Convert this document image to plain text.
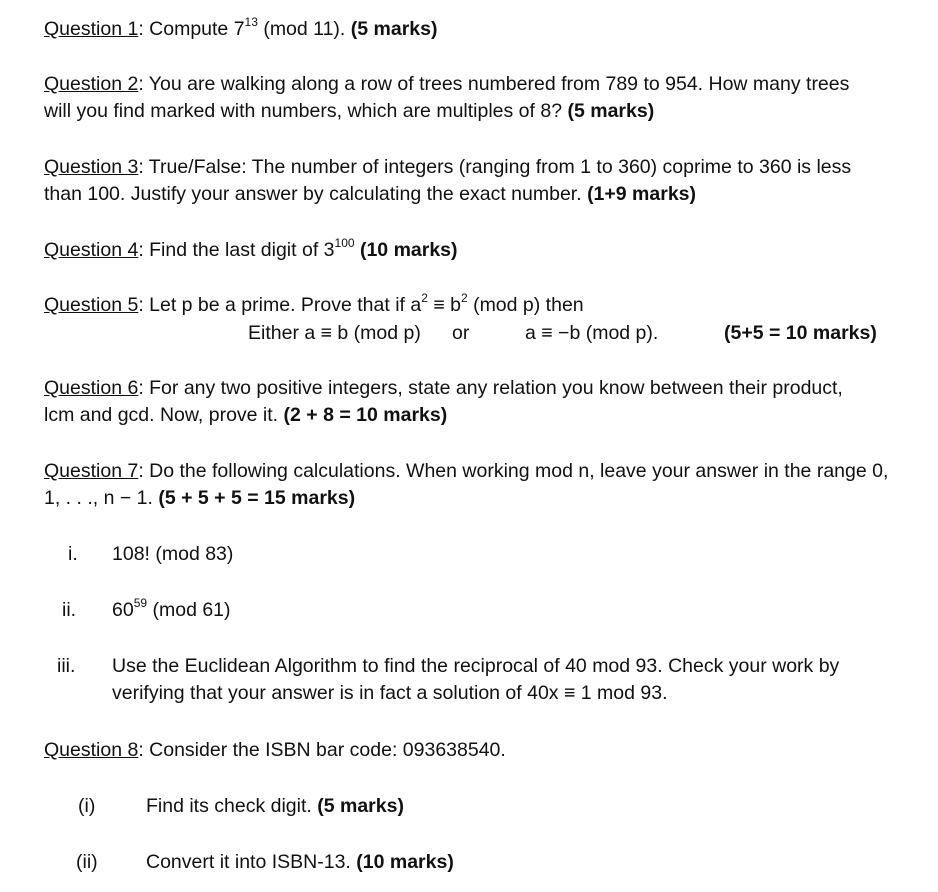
Question 1: Compute $7^{13}$ (mod 11). (5 marks)
Question 2: You are walking along a row of trees numbered from 789 to 954. How many trees will you find marked with numbers, which are multiples of 8? (5 marks)
Question 3: True/False: The number of integers (ranging from 1 to 360) coprime to 360 is less than 100. Justify your answer by calculating the exact number. (1+9 marks)
Question 4: Find the last digit of $3^{100}$ (10 marks)
Question 5: Let p be a prime. Prove that if $a^2 \equiv b^2$ (mod p) then
Either a ≡ b (mod p) or	a ≡ −b (mod p).	(5+5 = 10 marks)
Question 6: For any two positive integers, state any relation you know between their product, lcm and gcd. Now, prove it. (2 + 8 = 10 marks)
Question 7: Do the following calculations. When working mod n, leave your answer in the range 0, 1, . . ., n − 1. (5 + 5 + 5 = 15 marks)
i. 108! (mod 83)
ii. $60^{59}$ (mod 61)
iii. Use the Euclidean Algorithm to find the reciprocal of 40 mod 93. Check your work by verifying that your answer is in fact a solution of 40x ≡ 1 mod 93.
Question 8: Consider the ISBN bar code: 093638540.
(i)	Find its check digit. (5 marks)
(ii) Convert it into ISBN-13. (10 marks)
